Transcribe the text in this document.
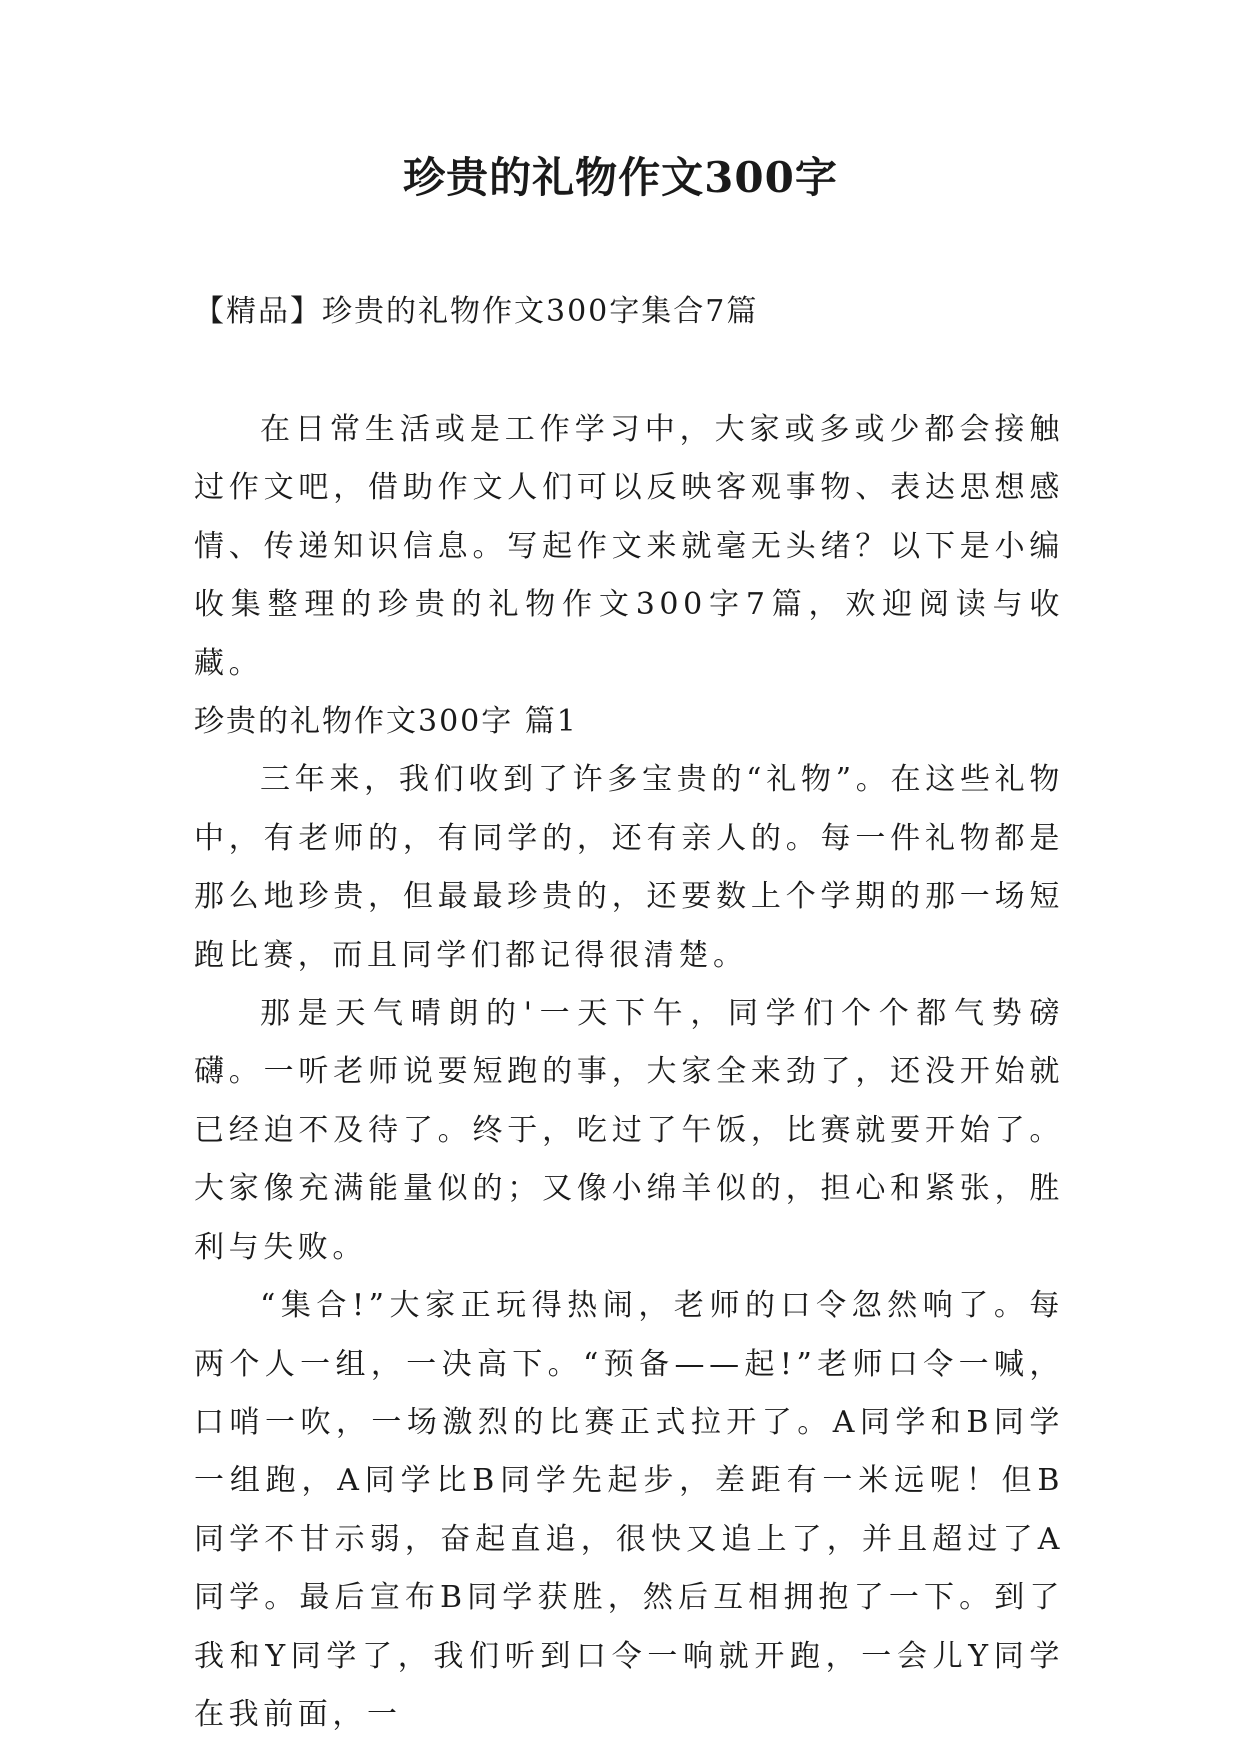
珍贵的礼物作文300字

【精品】珍贵的礼物作文300字集合7篇

在日常生活或是工作学习中，大家或多或少都会接触过作文吧，借助作文人们可以反映客观事物、表达思想感情、传递知识信息。写起作文来就毫无头绪？以下是小编收集整理的珍贵的礼物作文300字7篇，欢迎阅读与收藏。

珍贵的礼物作文300字 篇1

三年来，我们收到了许多宝贵的“礼物”。在这些礼物中，有老师的，有同学的，还有亲人的。每一件礼物都是那么地珍贵，但最最珍贵的，还要数上个学期的那一场短跑比赛，而且同学们都记得很清楚。

那是天气晴朗的'一天下午，同学们个个都气势磅礴。一听老师说要短跑的事，大家全来劲了，还没开始就已经迫不及待了。终于，吃过了午饭，比赛就要开始了。大家像充满能量似的；又像小绵羊似的，担心和紧张，胜利与失败。

“集合!”大家正玩得热闹，老师的口令忽然响了。每两个人一组，一决高下。“预备——起!”老师口令一喊，口哨一吹，一场激烈的比赛正式拉开了。A同学和B同学一组跑，A同学比B同学先起步，差距有一米远呢！但B同学不甘示弱，奋起直追，很快又追上了，并且超过了A同学。最后宣布B同学获胜，然后互相拥抱了一下。到了我和Y同学了，我们听到口令一响就开跑，一会儿Y同学在我前面，一
